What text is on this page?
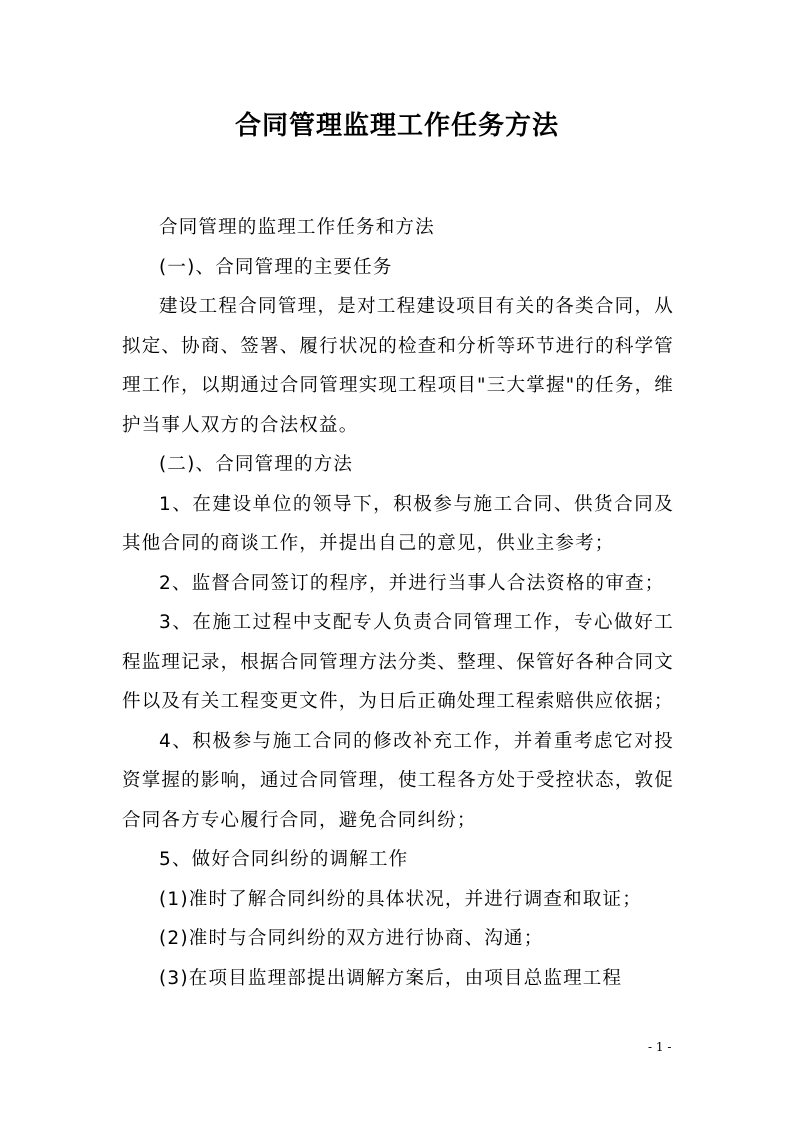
合同管理监理工作任务方法

合同管理的监理工作任务和方法

(一)、合同管理的主要任务

建设工程合同管理，是对工程建设项目有关的各类合同，从拟定、协商、签署、履行状况的检查和分析等环节进行的科学管理工作，以期通过合同管理实现工程项目"三大掌握"的任务，维护当事人双方的合法权益。

(二)、合同管理的方法

1、在建设单位的领导下，积极参与施工合同、供货合同及其他合同的商谈工作，并提出自己的意见，供业主参考；

2、监督合同签订的程序，并进行当事人合法资格的审查；

3、在施工过程中支配专人负责合同管理工作，专心做好工程监理记录，根据合同管理方法分类、整理、保管好各种合同文件以及有关工程变更文件，为日后正确处理工程索赔供应依据；

4、积极参与施工合同的修改补充工作，并着重考虑它对投资掌握的影响，通过合同管理，使工程各方处于受控状态，敦促合同各方专心履行合同，避免合同纠纷；

5、做好合同纠纷的调解工作

(1)准时了解合同纠纷的具体状况，并进行调查和取证；

(2)准时与合同纠纷的双方进行协商、沟通；

(3)在项目监理部提出调解方案后，由项目总监理工程

- 1 -
